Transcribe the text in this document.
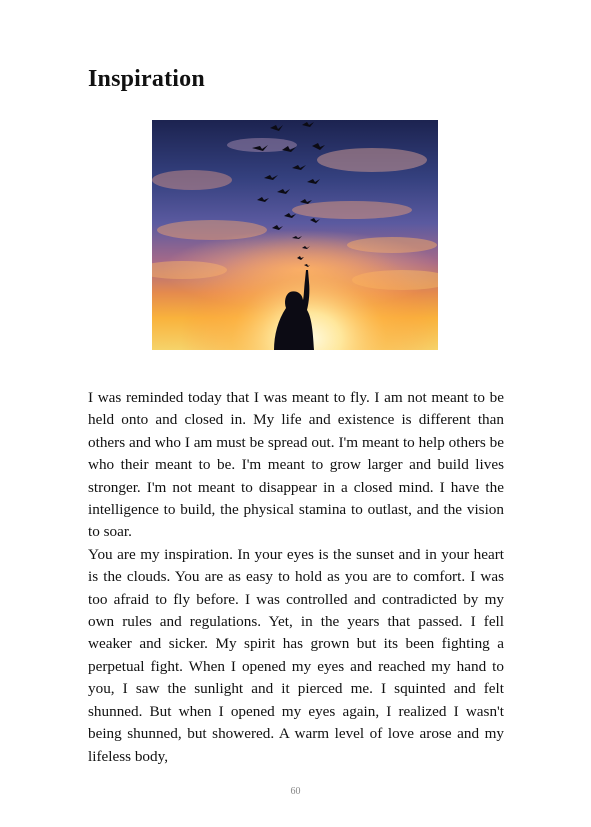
Inspiration

I was reminded today that I was meant to fly. I am not meant to be held onto and closed in. My life and existence is different than others and who I am must be spread out. I'm meant to help others be who their meant to be. I'm meant to grow larger and build lives stronger. I'm not meant to disappear in a closed mind. I have the intelligence to build, the physical stamina to outlast, and the vision to soar.

You are my inspiration. In your eyes is the sunset and in your heart is the clouds. You are as easy to hold as you are to comfort. I was too afraid to fly before. I was controlled and contradicted by my own rules and regulations. Yet, in the years that passed. I fell weaker and sicker. My spirit has grown but its been fighting a perpetual fight. When I opened my eyes and reached my hand to you, I saw the sunlight and it pierced me. I squinted and felt shunned. But when I opened my eyes again, I realized I wasn't being shunned, but showered. A warm level of love arose and my lifeless body,

60
